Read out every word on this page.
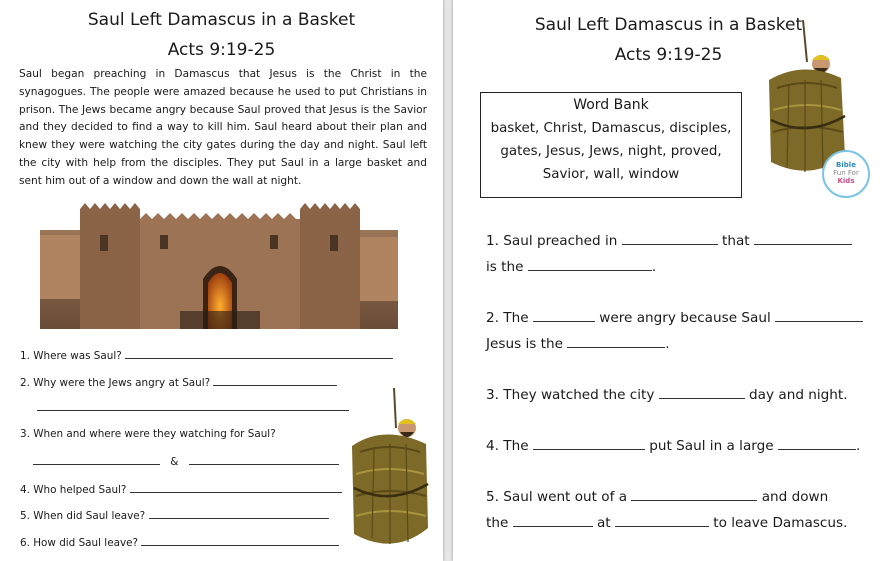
Saul Left Damascus in a Basket
Acts 9:19-25

Saul began preaching in Damascus that Jesus is the Christ in the synagogues. The people were amazed because he used to put Christians in prison. The Jews became angry because Saul proved that Jesus is the Savior and they decided to find a way to kill him. Saul heard about their plan and knew they were watching the city gates during the day and night. Saul left the city with help from the disciples. They put Saul in a large basket and sent him out of a window and down the wall at night.

1. Where was Saul?
2. Why were the Jews angry at Saul?
3. When and where were they watching for Saul?
&
4. Who helped Saul?
5. When did Saul leave?
6. How did Saul leave?
Saul Left Damascus in a Basket
Acts 9:19-25
Word Bank
basket, Christ, Damascus, disciples,
gates, Jesus, Jews, night, proved,
Savior, wall, window
Bible
Fun For
Kids
1. Saul preached in	that
is the	.
2. The	were angry because Saul
Jesus is the	.
3. They watched the city	day and night.
4. The	put Saul in a large	.
5. Saul went out of a	and down
the	at	to leave Damascus.
